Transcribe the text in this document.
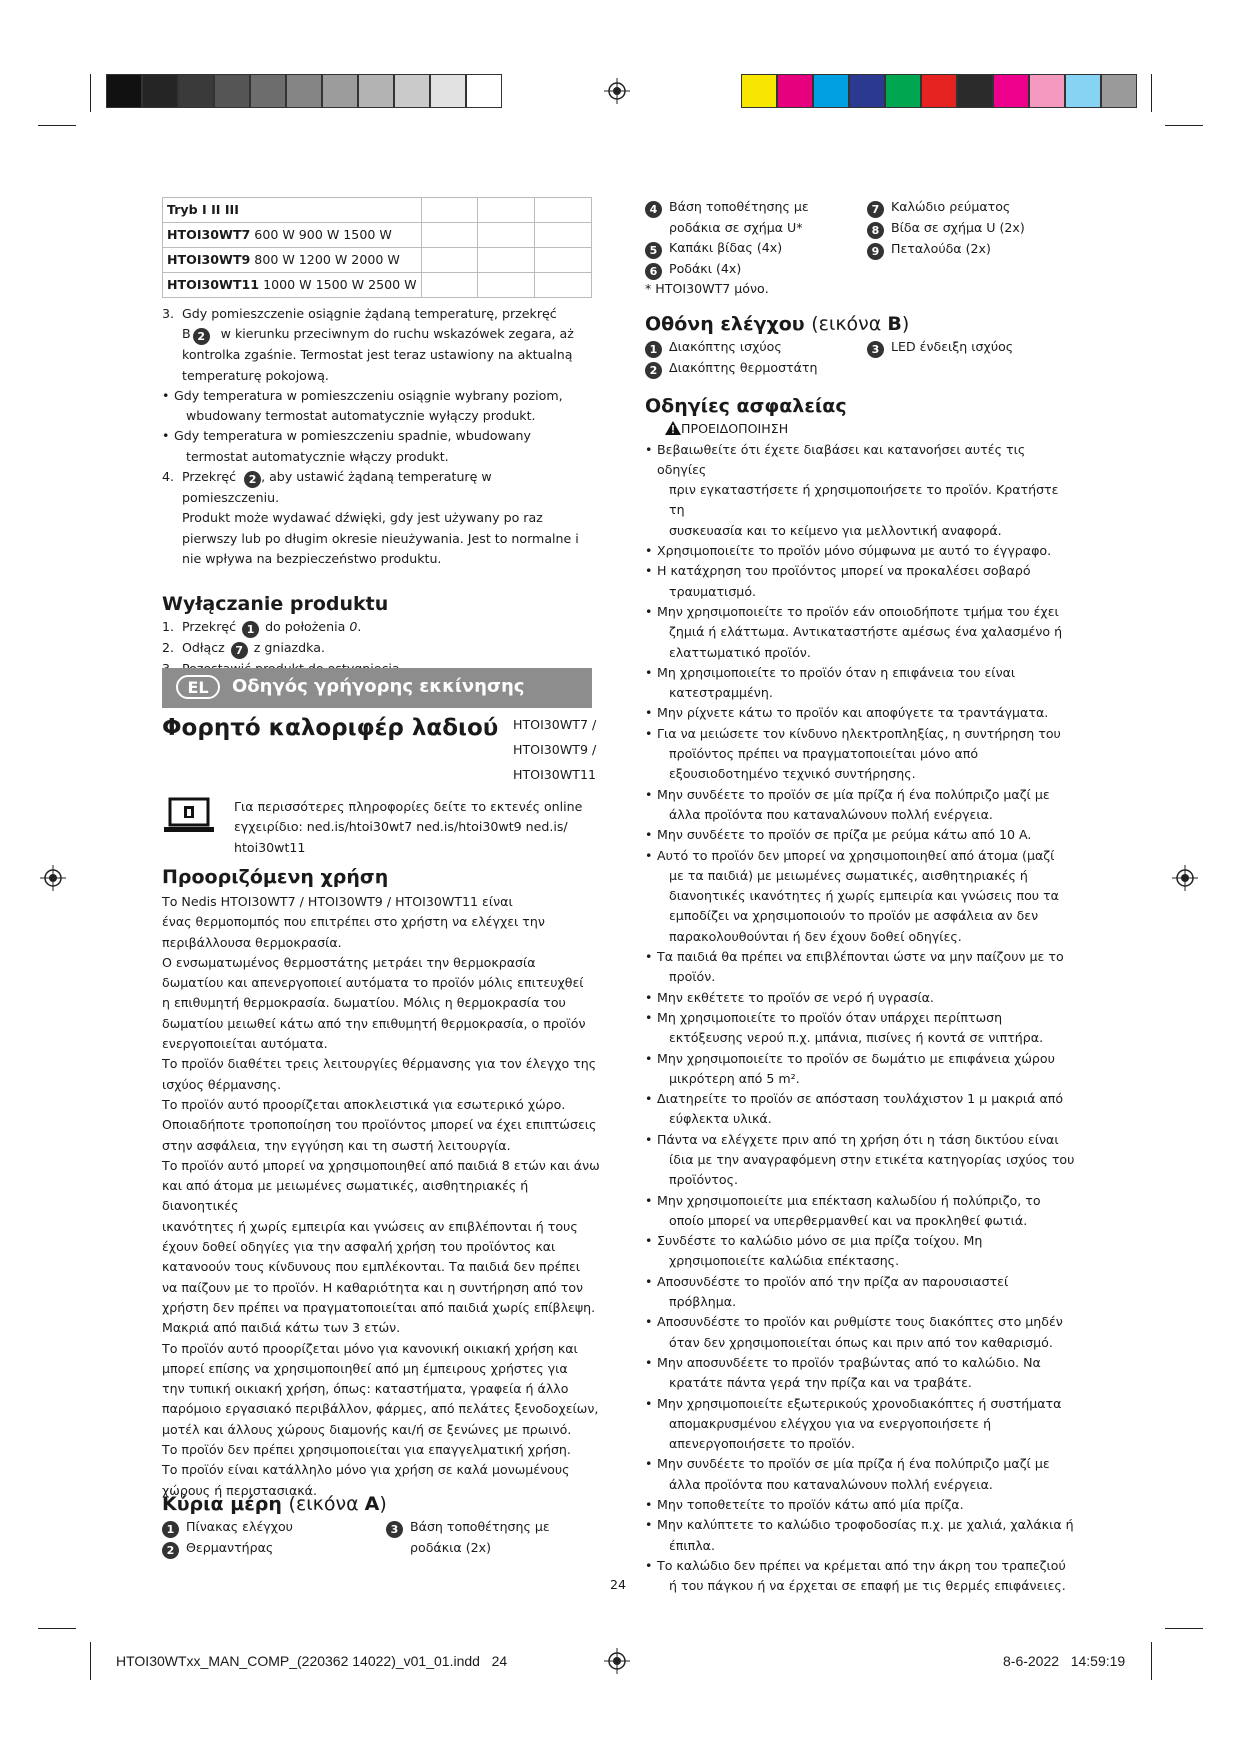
Tryb I II III			
HTOI30WT7 600 W 900 W 1500 W			
HTOI30WT9 800 W 1200 W 2000 W			
HTOI30WT11 1000 W 1500 W 2500 W			
3. Gdy pomieszczenie osiągnie żądaną temperaturę, przekręć
B 2 w kierunku przeciwnym do ruchu wskazówek zegara, aż
kontrolka zgaśnie. Termostat jest teraz ustawiony na aktualną
temperaturę pokojową.
• Gdy temperatura w pomieszczeniu osiągnie wybrany poziom,
wbudowany termostat automatycznie wyłączy produkt.
• Gdy temperatura w pomieszczeniu spadnie, wbudowany
termostat automatycznie włączy produkt.
4. Przekręć 2 , aby ustawić żądaną temperaturę w pomieszczeniu.
Produkt może wydawać dźwięki, gdy jest używany po raz
pierwszy lub po długim okresie nieużywania. Jest to normalne i
nie wpływa na bezpieczeństwo produktu.
Wyłączanie produktu
1. Przekręć 1 do położenia 0.
2. Odłącz 7 z gniazdka.
EL	Οδηγός γρήγορης εκκίνησης
Φορητό καλοριφέρ λαδιού HTOI30WT7 /
HTOI30WT9 /
HTOI30WT11
Για περισσότερες πληροφορίες δείτε το εκτενές online
εγχειρίδιο: ned.is/htoi30wt7 ned.is/htoi30wt9 ned.is/
htoi30wt11
Προοριζόμενη χρήση
Το Nedis HTOI30WT7 / HTOI30WT9 / HTOI30WT11 είναι
ένας θερμοπομπός που επιτρέπει στο χρήστη να ελέγχει την
περιβάλλουσα θερμοκρασία.
Ο ενσωματωμένος θερμοστάτης μετράει την θερμοκρασία
δωματίου και απενεργοποιεί αυτόματα το προϊόν μόλις επιτευχθεί
η επιθυμητή θερμοκρασία. δωματίου. Μόλις η θερμοκρασία του
δωματίου μειωθεί κάτω από την επιθυμητή θερμοκρασία, ο προϊόν
ενεργοποιείται αυτόματα.
Το προϊόν διαθέτει τρεις λειτουργίες θέρμανσης για τον έλεγχο της
ισχύος θέρμανσης.
Το προϊόν αυτό προορίζεται αποκλειστικά για εσωτερικό χώρο.
Οποιαδήποτε τροποποίηση του προϊόντος μπορεί να έχει επιπτώσεις
στην ασφάλεια, την εγγύηση και τη σωστή λειτουργία.
Το προϊόν αυτό μπορεί να χρησιμοποιηθεί από παιδιά 8 ετών και άνω
και από άτομα με μειωμένες σωματικές, αισθητηριακές ή διανοητικές
ικανότητες ή χωρίς εμπειρία και γνώσεις αν επιβλέπονται ή τους
έχουν δοθεί οδηγίες για την ασφαλή χρήση του προϊόντος και
κατανοούν τους κίνδυνους που εμπλέκονται. Τα παιδιά δεν πρέπει
να παίζουν με το προϊόν. Η καθαριότητα και η συντήρηση από τον
χρήστη δεν πρέπει να πραγματοποιείται από παιδιά χωρίς επίβλεψη.
Μακριά από παιδιά κάτω των 3 ετών.
Το προϊόν αυτό προορίζεται μόνο για κανονική οικιακή χρήση και
μπορεί επίσης να χρησιμοποιηθεί από μη έμπειρους χρήστες για
την τυπική οικιακή χρήση, όπως: καταστήματα, γραφεία ή άλλο
παρόμοιο εργασιακό περιβάλλον, φάρμες, από πελάτες ξενοδοχείων,
μοτέλ και άλλους χώρους διαμονής και/ή σε ξενώνες με πρωινό.
Το προϊόν δεν πρέπει χρησιμοποιείται για επαγγελματική χρήση.
Το προϊόν είναι κατάλληλο μόνο για χρήση σε καλά μονωμένους
χώρους ή περιστασιακά.
Κύρια μέρη (εικόνα A)
1 Πίνακας ελέγχου
2 Θερμαντήρας
3 Βάση τοποθέτησης με
ροδάκια (2x)
4 Βάση τοποθέτησης με
ροδάκια σε σχήμα U*
5 Καπάκι βίδας (4x)
6 Ροδάκι (4x)
7 Καλώδιο ρεύματος
8 Βίδα σε σχήμα U (2x)
9 Πεταλούδα (2x)
* HTOI30WT7 μόνο.
Οθόνη ελέγχου (εικόνα B)
1 Διακόπτης ισχύος
2 Διακόπτης θερμοστάτη
3 LED ένδειξη ισχύος
Οδηγίες ασφαλείας
ΠΡΟΕΙΔΟΠΟΙΗΣΗ
• Βεβαιωθείτε ότι έχετε διαβάσει και κατανοήσει αυτές τις οδηγίες
πριν εγκαταστήσετε ή χρησιμοποιήσετε το προϊόν. Κρατήστε τη
συσκευασία και το κείμενο για μελλοντική αναφορά.
• Χρησιμοποιείτε το προϊόν μόνο σύμφωνα με αυτό το έγγραφο.
• Η κατάχρηση του προϊόντος μπορεί να προκαλέσει σοβαρό
τραυματισμό.
• Μην χρησιμοποιείτε το προϊόν εάν οποιοδήποτε τμήμα του έχει
ζημιά ή ελάττωμα. Αντικαταστήστε αμέσως ένα χαλασμένο ή
ελαττωματικό προϊόν.
• Μη χρησιμοποιείτε το προϊόν όταν η επιφάνεια του είναι
κατεστραμμένη.
• Μην ρίχνετε κάτω το προϊόν και αποφύγετε τα τραντάγματα.
• Για να μειώσετε τον κίνδυνο ηλεκτροπληξίας, η συντήρηση του
προϊόντος πρέπει να πραγματοποιείται μόνο από
εξουσιοδοτημένο τεχνικό συντήρησης.
• Μην συνδέετε το προϊόν σε μία πρίζα ή ένα πολύπριζο μαζί με
άλλα προϊόντα που καταναλώνουν πολλή ενέργεια.
• Μην συνδέετε το προϊόν σε πρίζα με ρεύμα κάτω από 10 A.
• Αυτό το προϊόν δεν μπορεί να χρησιμοποιηθεί από άτομα (μαζί
με τα παιδιά) με μειωμένες σωματικές, αισθητηριακές ή
διανοητικές ικανότητες ή χωρίς εμπειρία και γνώσεις που τα
εμποδίζει να χρησιμοποιούν το προϊόν με ασφάλεια αν δεν
παρακολουθούνται ή δεν έχουν δοθεί οδηγίες.
• Τα παιδιά θα πρέπει να επιβλέπονται ώστε να μην παίζουν με το
προϊόν.
• Μην εκθέτετε το προϊόν σε νερό ή υγρασία.
• Μη χρησιμοποιείτε το προϊόν όταν υπάρχει περίπτωση
εκτόξευσης νερού π.χ. μπάνια, πισίνες ή κοντά σε νιπτήρα.
• Μην χρησιμοποιείτε το προϊόν σε δωμάτιο με επιφάνεια χώρου
μικρότερη από 5 m².
• Διατηρείτε το προϊόν σε απόσταση τουλάχιστον 1 μ μακριά από
εύφλεκτα υλικά.
• Πάντα να ελέγχετε πριν από τη χρήση ότι η τάση δικτύου είναι
ίδια με την αναγραφόμενη στην ετικέτα κατηγορίας ισχύος του
προϊόντος.
• Μην χρησιμοποιείτε μια επέκταση καλωδίου ή πολύπριζο, το
οποίο μπορεί να υπερθερμανθεί και να προκληθεί φωτιά.
• Συνδέστε το καλώδιο μόνο σε μια πρίζα τοίχου. Μη
χρησιμοποιείτε καλώδια επέκτασης.
• Αποσυνδέστε το προϊόν από την πρίζα αν παρουσιαστεί
πρόβλημα.
• Αποσυνδέστε το προϊόν και ρυθμίστε τους διακόπτες στο μηδέν
όταν δεν χρησιμοποιείται όπως και πριν από τον καθαρισμό.
• Μην αποσυνδέετε το προϊόν τραβώντας από το καλώδιο. Να
κρατάτε πάντα γερά την πρίζα και να τραβάτε.
• Μην χρησιμοποιείτε εξωτερικούς χρονοδιακόπτες ή συστήματα
απομακρυσμένου ελέγχου για να ενεργοποιήσετε ή
απενεργοποιήσετε το προϊόν.
• Μην συνδέετε το προϊόν σε μία πρίζα ή ένα πολύπριζο μαζί με
άλλα προϊόντα που καταναλώνουν πολλή ενέργεια.
• Μην τοποθετείτε το προϊόν κάτω από μία πρίζα.
• Μην καλύπτετε το καλώδιο τροφοδοσίας π.χ. με χαλιά, χαλάκια ή
έπιπλα.
• Το καλώδιο δεν πρέπει να κρέμεται από την άκρη του τραπεζιού
ή του πάγκου ή να έρχεται σε επαφή με τις θερμές επιφάνειες.
24
HTOI30WTxx_MAN_COMP_(220362 14022)_v01_01.indd   24	8-6-2022   14:59:19
